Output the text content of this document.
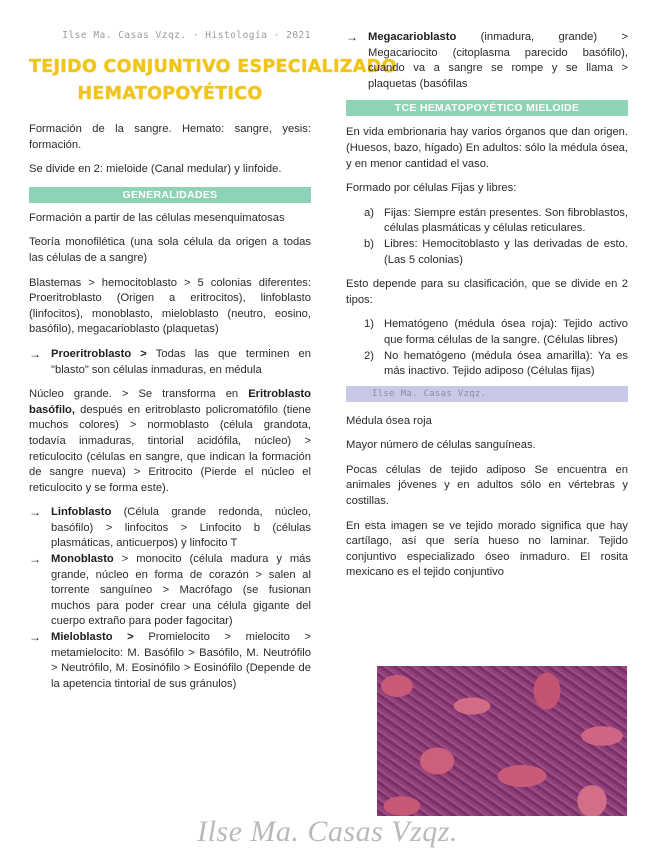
Ilse Ma. Casas Vzqz. · Histología · 2021
TEJIDO CONJUNTIVO ESPECIALIZADO
HEMATOPOYÉTICO

Formación de la sangre. Hemato: sangre, yesis: formación.

Se divide en 2: mieloide (Canal medular) y linfoide.

GENERALIDADES

Formación a partir de las células mesenquimatosas

Teoría monofilética (una sola célula da origen a todas las células de a sangre)

Blastemas > hemocitoblasto > 5 colonias diferentes: Proeritroblasto (Origen a eritrocitos), linfoblasto (linfocitos), monoblasto, mieloblasto (neutro, eosino, basófilo), megacarioblasto (plaquetas)

→ Proeritroblasto > Todas las que terminen en "blasto" son células inmaduras, en médula

Núcleo grande. > Se transforma en Eritroblasto basófilo, después en eritroblasto policromatófilo (tiene muchos colores) > normoblasto (célula grandota, todavía inmaduras, tintorial acidófila, núcleo) > reticulocito (células en sangre, que indican la formación de sangre nueva) > Eritrocito (Pierde el núcleo el reticulocito y se forma este).

→ Linfoblasto (Célula grande redonda, núcleo, basófilo) > linfocitos > Linfocito b (células plasmáticas, anticuerpos) y linfocito T

→ Monoblasto > monocito (célula madura y más grande, núcleo en forma de corazón > salen al torrente sanguíneo > Macrófago (se fusionan muchos para poder crear una célula gigante del cuerpo extraño para poder fagocitar)

→ Mieloblasto > Promielocito > mielocito > metamielocito: M. Basófilo > Basófilo, M. Neutrófilo > Neutrófilo, M. Eosinófilo > Eosinófilo (Depende de la apetencia tintorial de sus gránulos)

→ Megacarioblasto (inmadura, grande) > Megacariocito (citoplasma parecido basófilo), cuando va a sangre se rompe y se llama > plaquetas (basófilas

TCE HEMATOPOYÉTICO MIELOIDE

En vida embrionaria hay varios órganos que dan origen. (Huesos, bazo, hígado) En adultos: sólo la médula ósea, y en menor cantidad el vaso.

Formado por células Fijas y libres:

a) Fijas: Siempre están presentes. Son fibroblastos, células plasmáticas y células reticulares.

b) Libres: Hemocitoblasto y las derivadas de esto. (Las 5 colonias)

Esto depende para su clasificación, que se divide en 2 tipos:

1) Hematógeno (médula ósea roja): Tejido activo que forma células de la sangre. (Células libres)

2) No hematógeno (médula ósea amarilla): Ya es más inactivo. Tejido adiposo (Células fijas)

Ilse Ma. Casas Vzqz.

Médula ósea roja

Mayor número de células sanguíneas.

Pocas células de tejido adiposo Se encuentra en animales jóvenes y en adultos sólo en vértebras y costillas.

En esta imagen se ve tejido morado significa que hay cartílago, así que sería hueso no laminar. Tejido conjuntivo especializado óseo inmaduro. El rosita mexicano es el tejido conjuntivo

Ilse Ma. Casas Vzqz.
